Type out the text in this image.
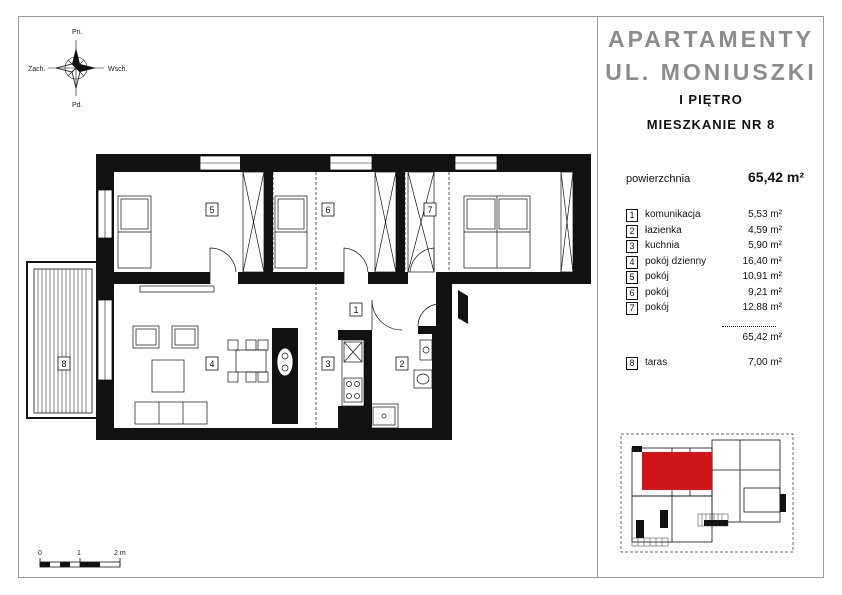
1
2
3
4
5	6	7
8
Pn.
Pd.
Zach.	Wsch.
0	1	2 m
APARTAMENTY
UL. MONIUSZKI
I PIĘTRO
MIESZKANIE NR 8
powierzchnia	65,42 m²
1	komunikacja	5,53 m²
2	łazienka	4,59 m²
3	kuchnia	5,90 m²
4	pokój dzienny	16,40 m²
5	pokój	10,91 m²
6	pokój	9,21 m²
7	pokój	12,88 m²
65,42 m²
8	taras	7,00 m²
